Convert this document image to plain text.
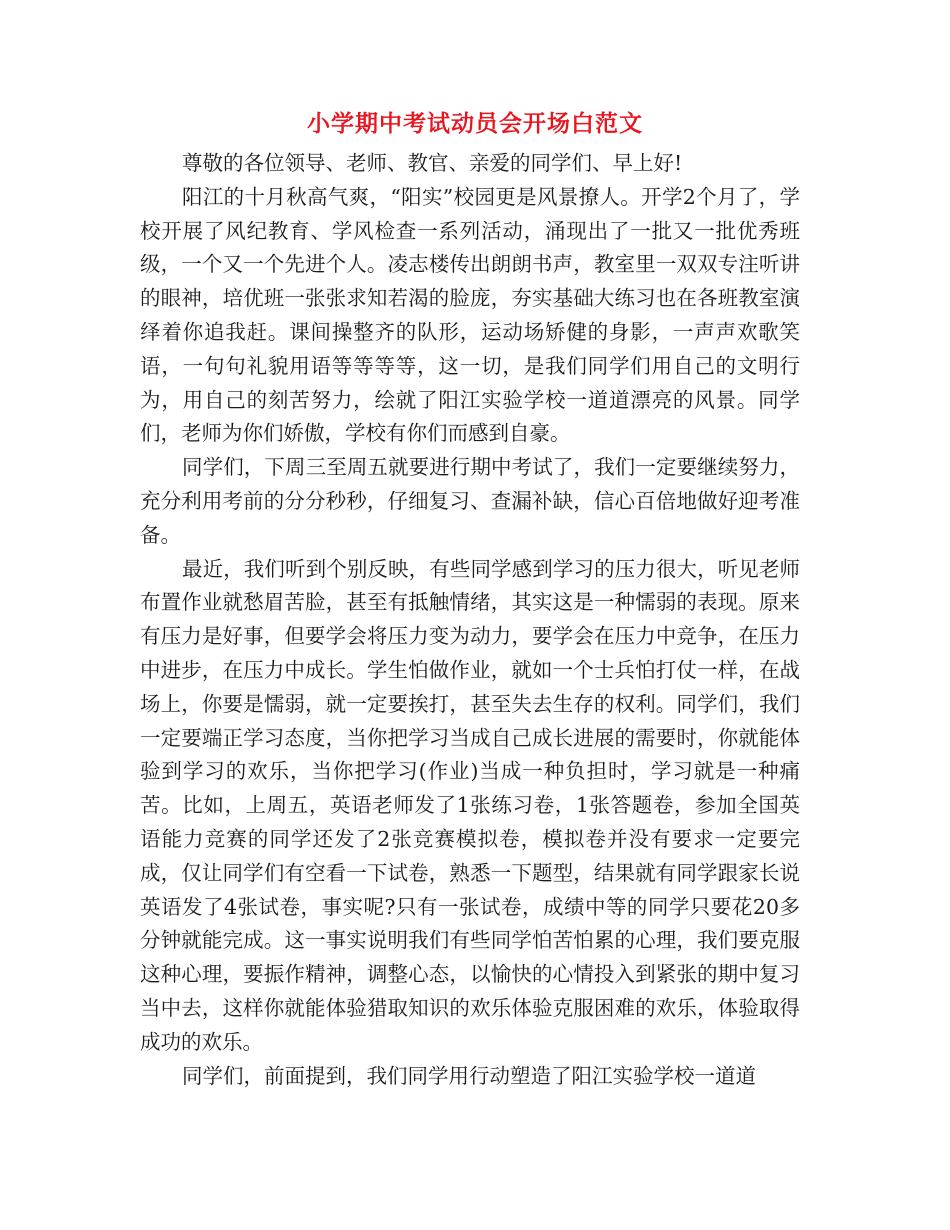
小学期中考试动员会开场白范文

尊敬的各位领导、老师、教官、亲爱的同学们、早上好!

阳江的十月秋高气爽，“阳实”校园更是风景撩人。开学2个月了，学校开展了风纪教育、学风检查一系列活动，涌现出了一批又一批优秀班级，一个又一个先进个人。凌志楼传出朗朗书声，教室里一双双专注听讲的眼神，培优班一张张求知若渴的脸庞，夯实基础大练习也在各班教室演绎着你追我赶。课间操整齐的队形，运动场矫健的身影，一声声欢歌笑语，一句句礼貌用语等等等等，这一切，是我们同学们用自己的文明行为，用自己的刻苦努力，绘就了阳江实验学校一道道漂亮的风景。同学们，老师为你们娇傲，学校有你们而感到自豪。

同学们，下周三至周五就要进行期中考试了，我们一定要继续努力，充分利用考前的分分秒秒，仔细复习、查漏补缺，信心百倍地做好迎考准备。

最近，我们听到个别反映，有些同学感到学习的压力很大，听见老师布置作业就愁眉苦脸，甚至有抵触情绪，其实这是一种懦弱的表现。原来有压力是好事，但要学会将压力变为动力，要学会在压力中竞争，在压力中进步，在压力中成长。学生怕做作业，就如一个士兵怕打仗一样，在战场上，你要是懦弱，就一定要挨打，甚至失去生存的权利。同学们，我们一定要端正学习态度，当你把学习当成自己成长进展的需要时，你就能体验到学习的欢乐，当你把学习(作业)当成一种负担时，学习就是一种痛苦。比如，上周五，英语老师发了1张练习卷，1张答题卷，参加全国英语能力竞赛的同学还发了2张竞赛模拟卷，模拟卷并没有要求一定要完成，仅让同学们有空看一下试卷，熟悉一下题型，结果就有同学跟家长说英语发了4张试卷，事实呢?只有一张试卷，成绩中等的同学只要花20多分钟就能完成。这一事实说明我们有些同学怕苦怕累的心理，我们要克服这种心理，要振作精神，调整心态，以愉快的心情投入到紧张的期中复习当中去，这样你就能体验猎取知识的欢乐体验克服困难的欢乐，体验取得成功的欢乐。

同学们，前面提到，我们同学用行动塑造了阳江实验学校一道道
